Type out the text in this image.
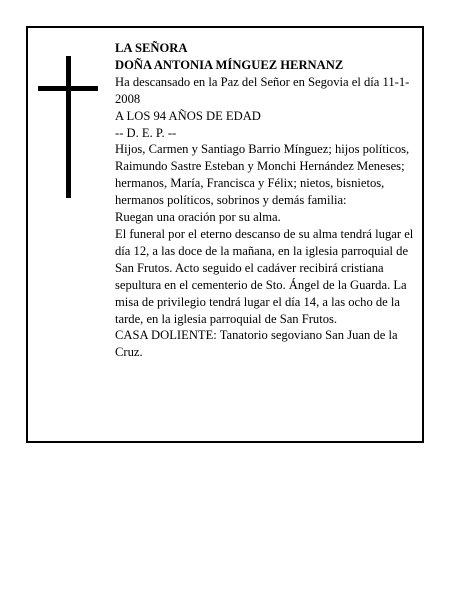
LA SEÑORA

DOÑA ANTONIA MÍNGUEZ HERNANZ

Ha descansado en la Paz del Señor en Segovia el día 11-1-2008

A LOS 94 AÑOS DE EDAD

-- D. E. P. --

Hijos, Carmen y Santiago Barrio Mínguez; hijos políticos, Raimundo Sastre Esteban y Monchi Hernández Meneses; hermanos, María, Francisca y Félix; nietos, bisnietos, hermanos políticos, sobrinos y demás familia:

Ruegan una oración por su alma.

El funeral por el eterno descanso de su alma tendrá lugar el día 12, a las doce de la mañana, en la iglesia parroquial de San Frutos. Acto seguido el cadáver recibirá cristiana sepultura en el cementerio de Sto. Ángel de la Guarda. La misa de privilegio tendrá lugar el día 14, a las ocho de la tarde, en la iglesia parroquial de San Frutos.

CASA DOLIENTE: Tanatorio segoviano San Juan de la Cruz.
